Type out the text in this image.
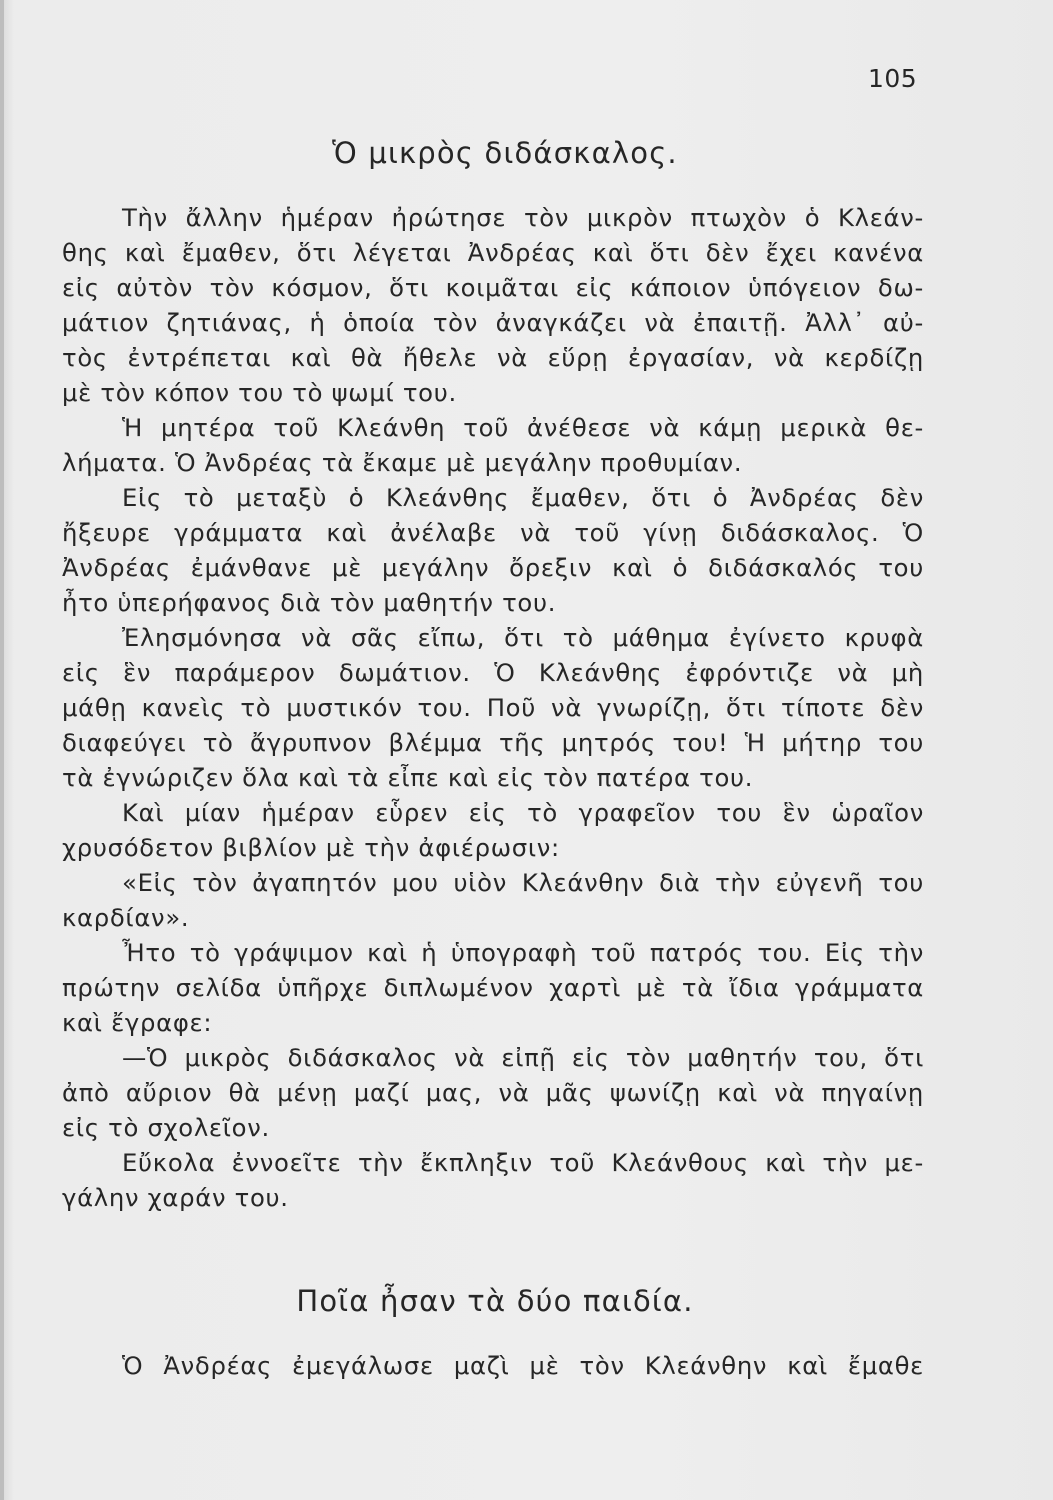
105
Ὁ μικρὸς διδάσκαλος.
Τὴν ἄλλην ἡμέραν ἠρώτησε τὸν μικρὸν πτωχὸν ὁ Κλεάν-
θης καὶ ἔμαθεν, ὅτι λέγεται Ἀνδρέας καὶ ὅτι δὲν ἔχει κανένα
εἰς αὐτὸν τὸν κόσμον, ὅτι κοιμᾶται εἰς κάποιον ὑπόγειον δω-
μάτιον ζητιάνας, ἡ ὁποία τὸν ἀναγκάζει νὰ ἐπαιτῇ. Ἀλλ᾽ αὐ-
τὸς ἐντρέπεται καὶ θὰ ἤθελε νὰ εὕρῃ ἐργασίαν, νὰ κερδίζῃ
μὲ τὸν κόπον του τὸ ψωμί του.
Ἡ μητέρα τοῦ Κλεάνθη τοῦ ἀνέθεσε νὰ κάμῃ μερικὰ θε-
λήματα. Ὁ Ἀνδρέας τὰ ἔκαμε μὲ μεγάλην προθυμίαν.
Εἰς τὸ μεταξὺ ὁ Κλεάνθης ἔμαθεν, ὅτι ὁ Ἀνδρέας δὲν
ἤξευρε γράμματα καὶ ἀνέλαβε νὰ τοῦ γίνῃ διδάσκαλος. Ὁ
Ἀνδρέας ἐμάνθανε μὲ μεγάλην ὄρεξιν καὶ ὁ διδάσκαλός του
ἦτο ὑπερήφανος διὰ τὸν μαθητήν του.
Ἐλησμόνησα νὰ σᾶς εἴπω, ὅτι τὸ μάθημα ἐγίνετο κρυφὰ
εἰς ἓν παράμερον δωμάτιον. Ὁ Κλεάνθης ἐφρόντιζε νὰ μὴ
μάθῃ κανεὶς τὸ μυστικόν του. Ποῦ νὰ γνωρίζῃ, ὅτι τίποτε δὲν
διαφεύγει τὸ ἄγρυπνον βλέμμα τῆς μητρός του! Ἡ μήτηρ του
τὰ ἐγνώριζεν ὅλα καὶ τὰ εἶπε καὶ εἰς τὸν πατέρα του.
Καὶ μίαν ἡμέραν εὗρεν εἰς τὸ γραφεῖον του ἓν ὡραῖον
χρυσόδετον βιβλίον μὲ τὴν ἀφιέρωσιν:
«Εἰς τὸν ἀγαπητόν μου υἱὸν Κλεάνθην διὰ τὴν εὐγενῆ του
καρδίαν».
Ἦτο τὸ γράψιμον καὶ ἡ ὑπογραφὴ τοῦ πατρός του. Εἰς τὴν
πρώτην σελίδα ὑπῆρχε διπλωμένον χαρτὶ μὲ τὰ ἴδια γράμματα
καὶ ἔγραφε:
—Ὁ μικρὸς διδάσκαλος νὰ εἰπῇ εἰς τὸν μαθητήν του, ὅτι
ἀπὸ αὔριον θὰ μένῃ μαζί μας, νὰ μᾶς ψωνίζῃ καὶ νὰ πηγαίνῃ
εἰς τὸ σχολεῖον.
Εὔκολα ἐννοεῖτε τὴν ἔκπληξιν τοῦ Κλεάνθους καὶ τὴν με-
γάλην χαράν του.
Ποῖα ἦσαν τὰ δύο παιδία.
Ὁ Ἀνδρέας ἐμεγάλωσε μαζὶ μὲ τὸν Κλεάνθην καὶ ἔμαθε
